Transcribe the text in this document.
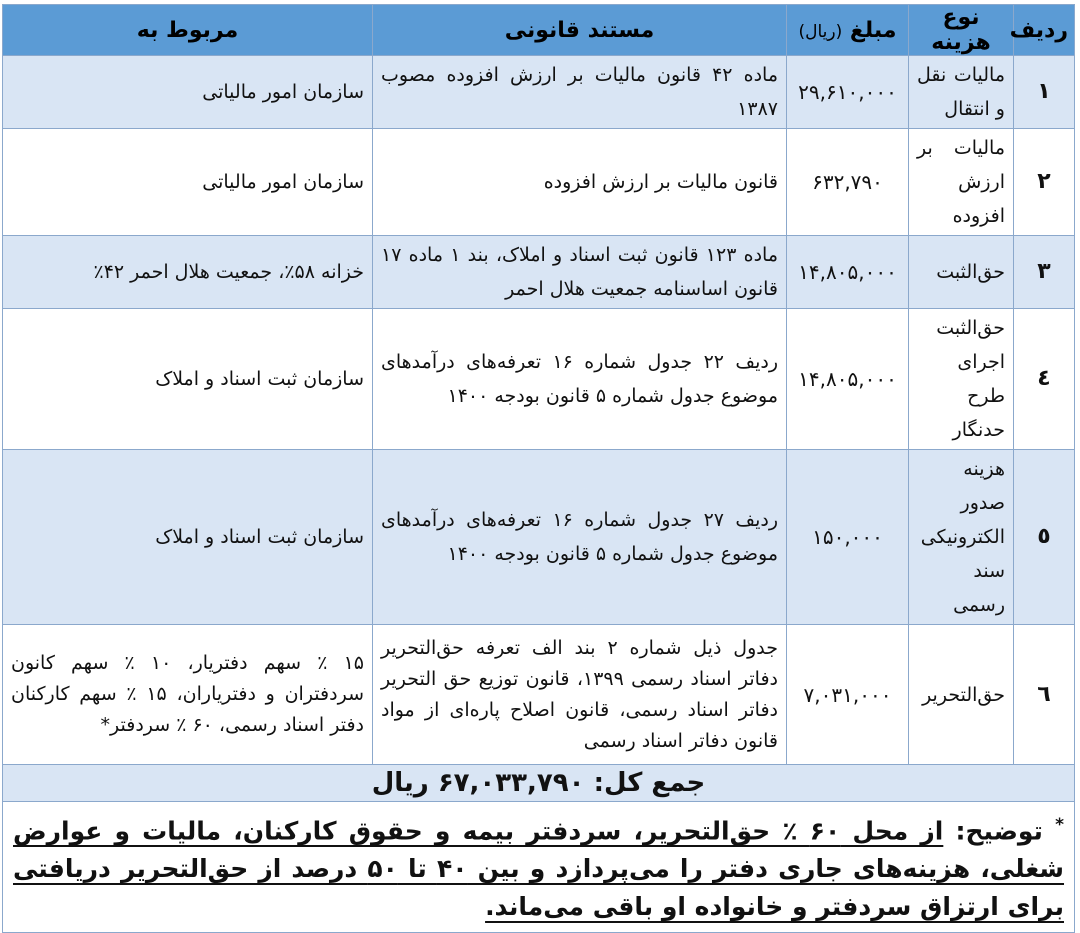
ردیف	نوع هزینه	مبلغ (ریال)	مستند قانونی	مربوط به
۱	مالیات نقل و انتقال	۲۹,۶۱۰,۰۰۰	ماده ۴۲ قانون مالیات بر ارزش افزوده مصوب ۱۳۸۷	سازمان امور مالیاتی
۲	مالیات بر ارزش افزوده	۶۳۲,۷۹۰	قانون مالیات بر ارزش افزوده	سازمان امور مالیاتی
۳	حق‌الثبت	۱۴,۸۰۵,۰۰۰	ماده ۱۲۳ قانون ثبت اسناد و املاک، بند ۱ ماده ۱۷ قانون اساسنامه جمعیت هلال احمر	خزانه ۵۸٪، جمعیت هلال احمر ۴۲٪
٤	حق‌الثبت اجرای طرح حدنگار	۱۴,۸۰۵,۰۰۰	ردیف ۲۲ جدول شماره ۱۶ تعرفه‌های درآمدهای موضوع جدول شماره ۵ قانون بودجه ۱۴۰۰	سازمان ثبت اسناد و املاک
٥	هزینه صدور الکترونیکی سند رسمی	۱۵۰,۰۰۰	ردیف ۲۷ جدول شماره ۱۶ تعرفه‌های درآمدهای موضوع جدول شماره ۵ قانون بودجه ۱۴۰۰	سازمان ثبت اسناد و املاک
٦	حق‌التحریر	۷,۰۳۱,۰۰۰	جدول ذیل شماره ۲ بند الف تعرفه حق‌التحریر دفاتر اسناد رسمی ۱۳۹۹، قانون توزیع حق التحریر دفاتر اسناد رسمی، قانون اصلاح پاره‌ای از مواد قانون دفاتر اسناد رسمی	۱۵ ٪ سهم دفتریار، ۱۰ ٪ سهم کانون سردفتران و دفتریاران، ۱۵ ٪ سهم کارکنان دفتر اسناد رسمی، ۶۰ ٪ سردفتر*
جمع کل: ۶۷,۰۳۳,۷۹۰ ریال				
* توضیح: از محل ۶۰ ٪ حق‌التحریر، سردفتر بیمه و حقوق کارکنان، مالیات و عوارض شغلی، هزینه‌های جاری دفتر را می‌پردازد و بین ۴۰ تا ۵۰ درصد از حق‌التحریر دریافتی برای ارتزاق سردفتر و خانواده او باقی می‌ماند.				
